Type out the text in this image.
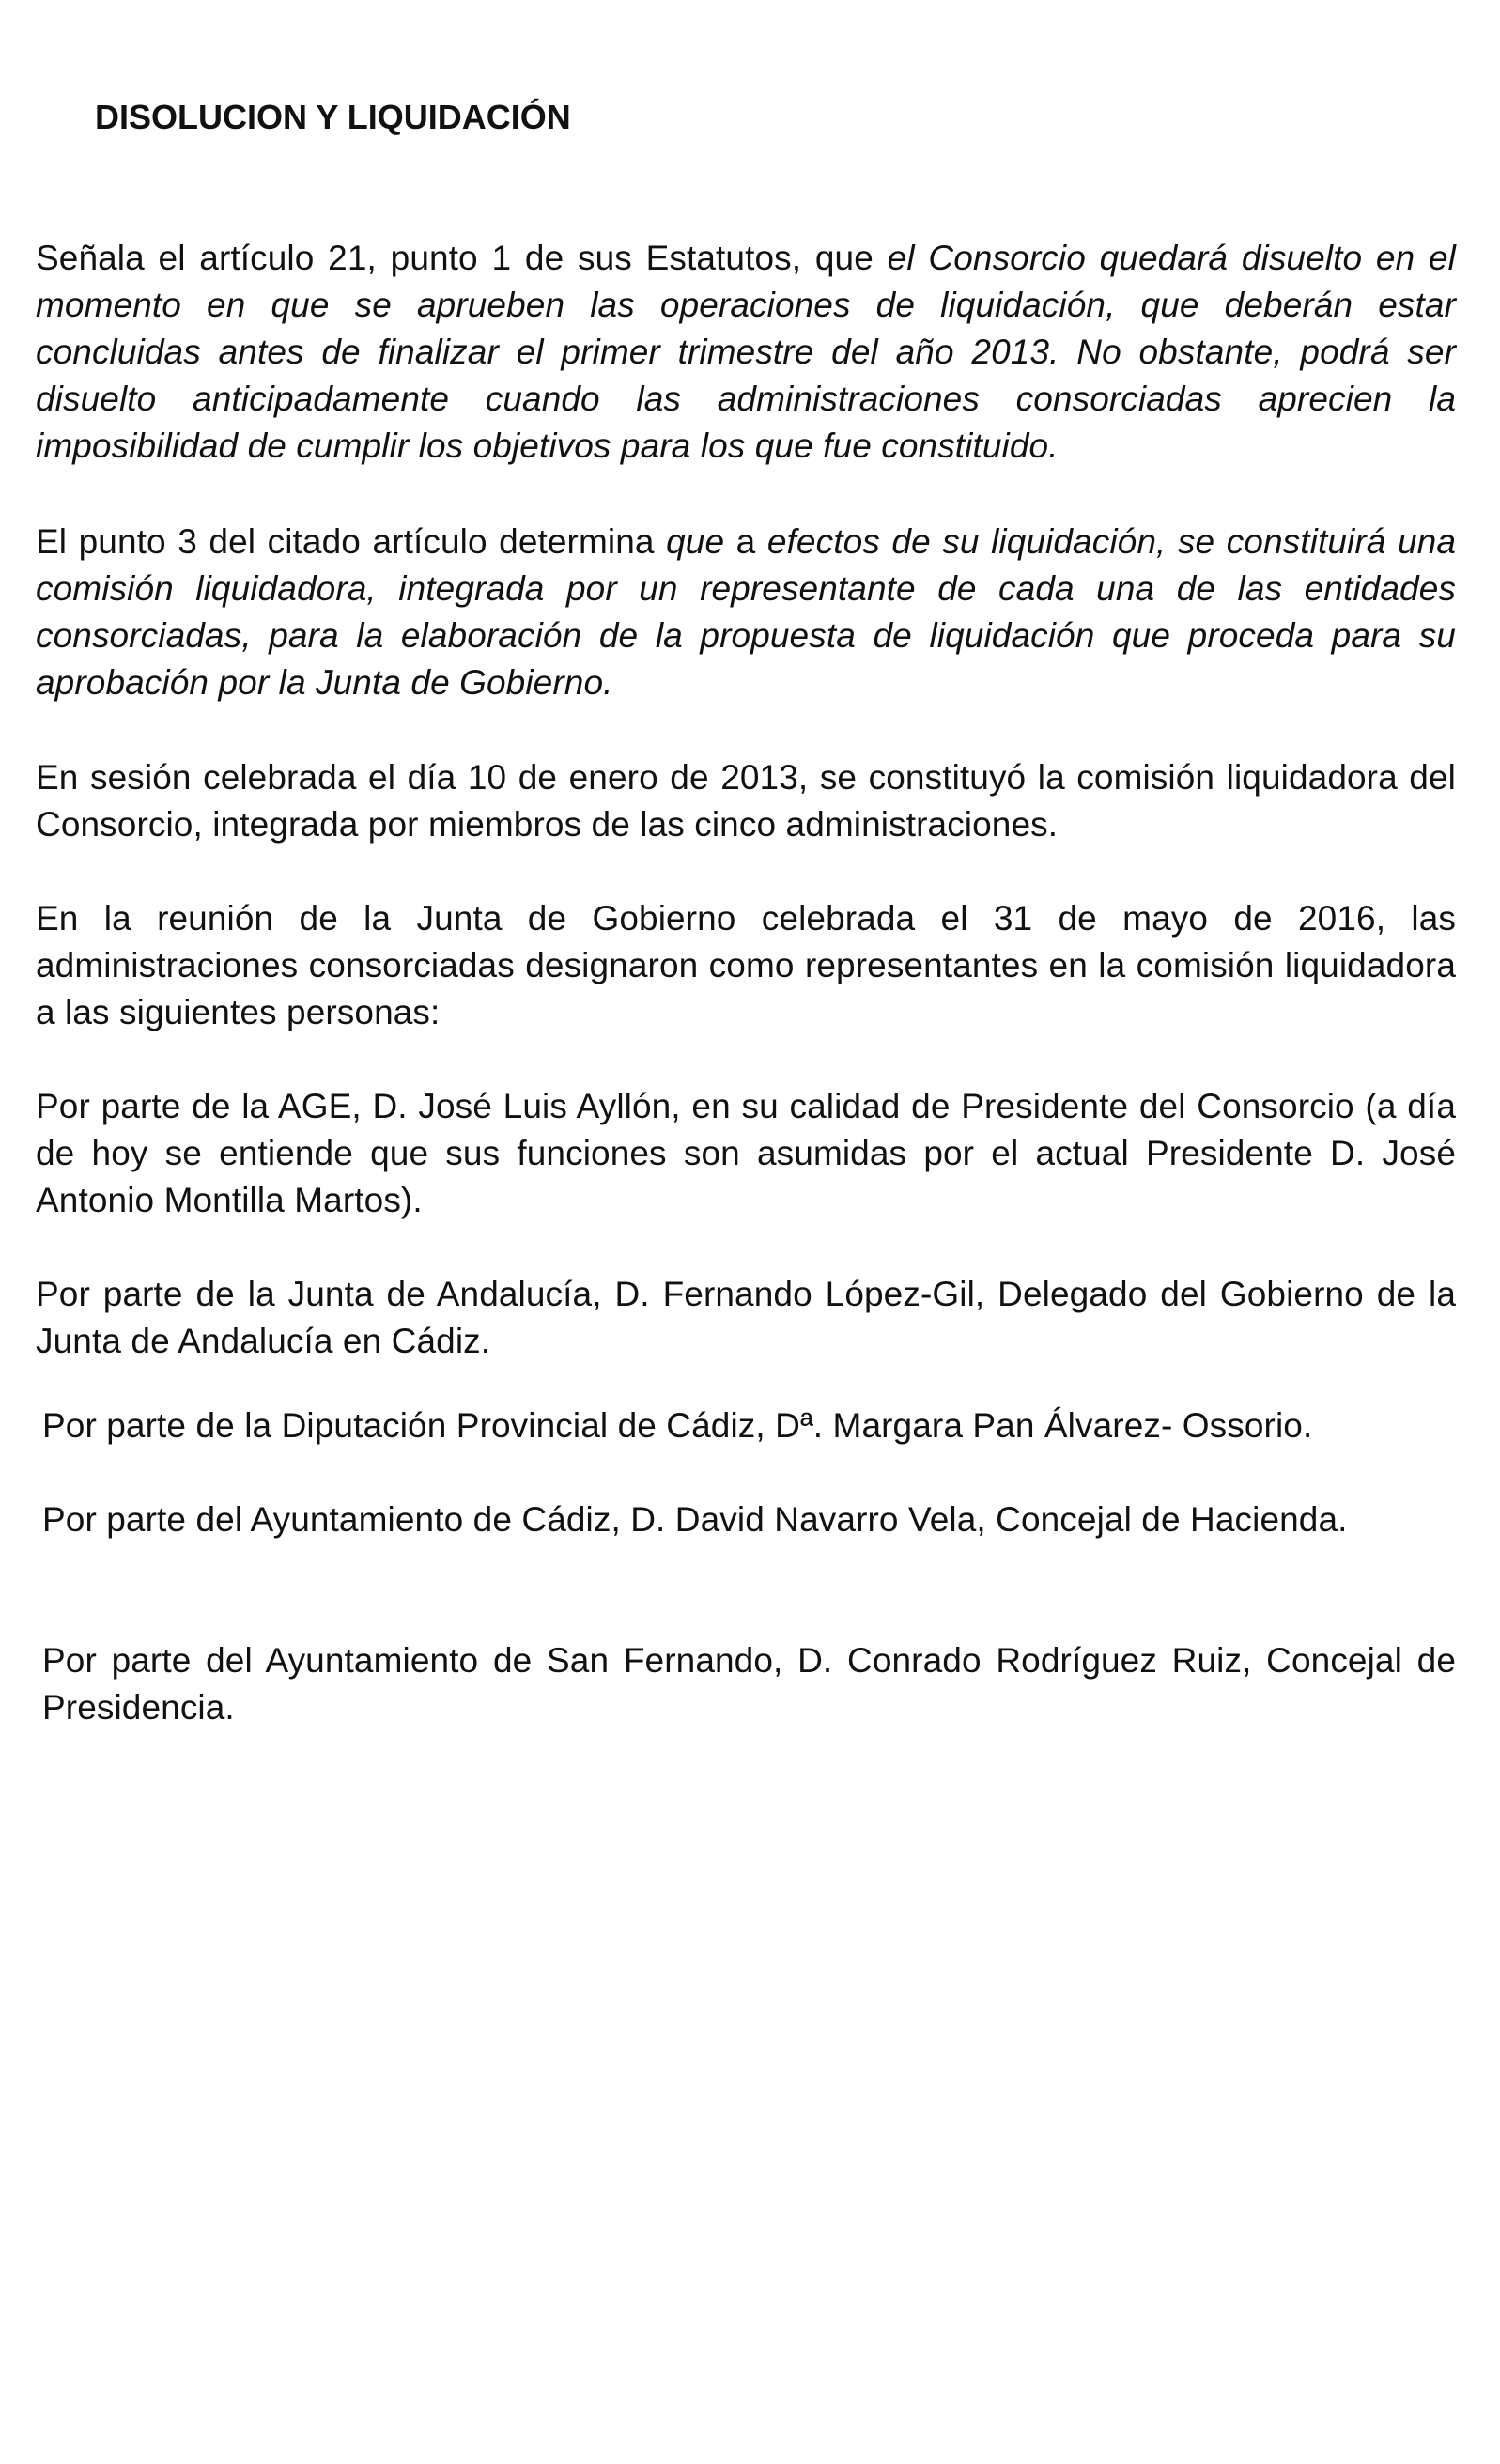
DISOLUCION Y LIQUIDACIÓN

Señala el artículo 21, punto 1 de sus Estatutos, que el Consorcio quedará disuelto en el momento en que se aprueben las operaciones de liquidación, que deberán estar concluidas antes de finalizar el primer trimestre del año 2013. No obstante, podrá ser disuelto anticipadamente cuando las administraciones consorciadas aprecien la imposibilidad de cumplir los objetivos para los que fue constituido.

El punto 3 del citado artículo determina que a efectos de su liquidación, se constituirá una comisión liquidadora, integrada por un representante de cada una de las entidades consorciadas, para la elaboración de la propuesta de liquidación que proceda para su aprobación por la Junta de Gobierno.

En sesión celebrada el día 10 de enero de 2013, se constituyó la comisión liquidadora del Consorcio, integrada por miembros de las cinco administraciones.

En la reunión de la Junta de Gobierno celebrada el 31 de mayo de 2016, las administraciones consorciadas designaron como representantes en la comisión liquidadora a las siguientes personas:

Por parte de la AGE, D. José Luis Ayllón, en su calidad de Presidente del Consorcio (a día de hoy se entiende que sus funciones son asumidas por el actual Presidente D. José Antonio Montilla Martos).

Por parte de la Junta de Andalucía, D. Fernando López-Gil, Delegado del Gobierno de la Junta de Andalucía en Cádiz.

Por parte de la Diputación Provincial de Cádiz, Dª. Margara Pan Álvarez- Ossorio.

Por parte del Ayuntamiento de Cádiz, D. David Navarro Vela, Concejal de Hacienda.

Por parte del Ayuntamiento de San Fernando, D. Conrado Rodríguez Ruiz, Concejal de Presidencia.
